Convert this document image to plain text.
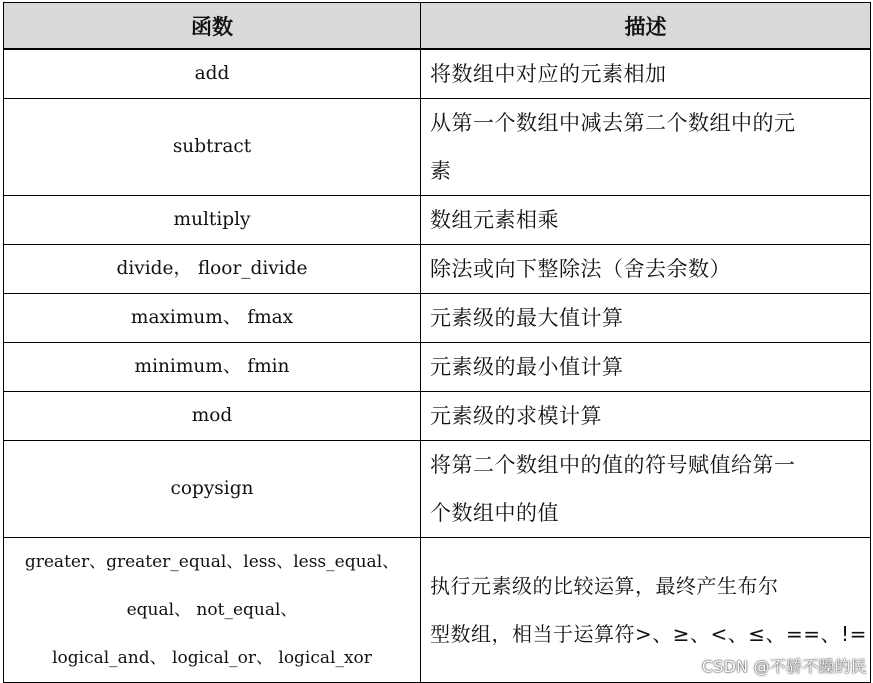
函数	描述

add	将数组中对应的元素相加

subtract	从第一个数组中减去第二个数组中的元
素

multiply	数组元素相乘

divide， floor_divide	除法或向下整除法（舍去余数）

maximum、 fmax	元素级的最大值计算

minimum、 fmin	元素级的最小值计算

mod	元素级的求模计算

copysign	将第二个数组中的值的符号赋值给第一
个数组中的值

greater、greater_equal、less、less_equal、
equal、 not_equal、
logical_and、 logical_or、 logical_xor	执行元素级的比较运算，最终产生布尔
型数组，相当于运算符>、≥、<、≤、==、!=
CSDN @不骄不躁的民
